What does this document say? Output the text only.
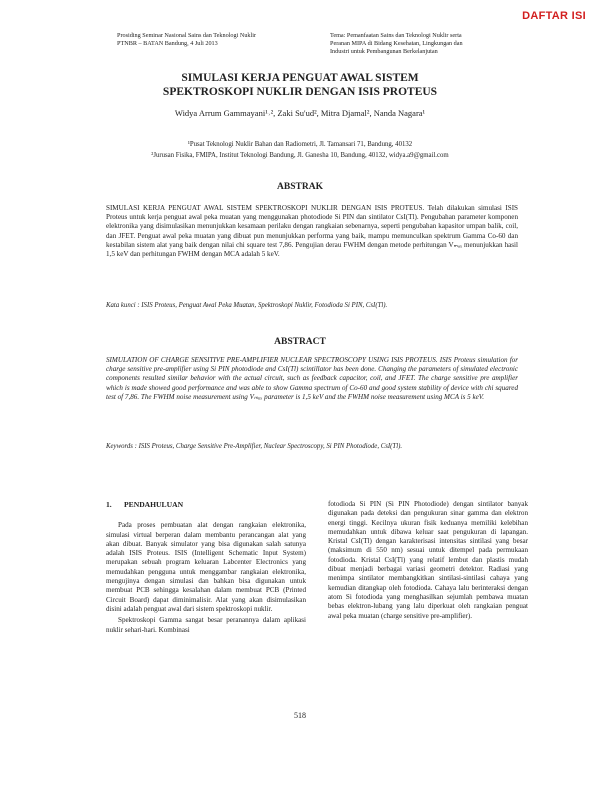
DAFTAR ISI
Prosiding Seminar Nasional Sains dan Teknologi Nuklir
PTNBR – BATAN Bandung, 4 Juli 2013
Tema: Pemanfaatan Sains dan Teknologi Nuklir serta
Peranan MIPA di Bidang Kesehatan, Lingkungan dan
Industri untuk Pembangunan Berkelanjutan
SIMULASI KERJA PENGUAT AWAL SISTEM
SPEKTROSKOPI NUKLIR DENGAN ISIS PROTEUS
Widya Arrum Gammayani¹˒², Zaki Su'ud², Mitra Djamal², Nanda Nagara¹
¹Pusat Teknologi Nuklir Bahan dan Radiometri, Jl. Tamansari 71, Bandung, 40132
²Jurusan Fisika, FMIPA, Institut Teknologi Bandung, Jl. Ganesha 10, Bandung, 40132, widya.a9@gmail.com
ABSTRAK
SIMULASI KERJA PENGUAT AWAL SISTEM SPEKTROSKOPI NUKLIR DENGAN ISIS PROTEUS. Telah dilakukan simulasi ISIS Proteus untuk kerja penguat awal peka muatan yang menggunakan photodiode Si PIN dan sintilator CsI(Tl). Pengubahan parameter komponen elektronika yang disimulasikan menunjukkan kesamaan perilaku dengan rangkaian sebenarnya, seperti pengubahan kapasitor umpan balik, coil, dan JFET. Penguat awal peka muatan yang dibuat pun menunjukkan performa yang baik, mampu memunculkan spektrum Gamma Co-60 dan kestabilan sistem alat yang baik dengan nilai chi square test 7,86. Pengujian derau FWHM dengan metode perhitungan Vₘₐₓ menunjukkan hasil 1,5 keV dan perhitungan FWHM dengan MCA adalah 5 keV.
Kata kunci : ISIS Proteus, Penguat Awal Peka Muatan, Spektroskopi Nuklir, Fotodioda Si PIN, CsI(Tl).
ABSTRACT
SIMULATION OF CHARGE SENSITIVE PRE-AMPLIFIER NUCLEAR SPECTROSCOPY USING ISIS PROTEUS. ISIS Proteus simulation for charge sensitive pre-amplifier using Si PIN photodiode and CsI(Tl) scintillator has been done. Changing the parameters of simulated electronic components resulted similar behavior with the actual circuit, such as feedback capacitor, coil, and JFET. The charge sensitive pre amplifier which is made showed good performance and was able to show Gamma spectrum of Co-60 and good system stability of device with chi squared test of 7,86. The FWHM noise measurement using Vₘₐₓ parameter is 1,5 keV and the FWHM noise measurement using MCA is 5 keV.
Keywords : ISIS Proteus, Charge Sensitive Pre-Amplifier, Nuclear Spectroscopy, Si PIN Photodiode, CsI(Tl).
1. PENDAHULUAN

Pada proses pembuatan alat dengan rangkaian elektronika, simulasi virtual berperan dalam membantu perancangan alat yang akan dibuat. Banyak simulator yang bisa digunakan salah satunya adalah ISIS Proteus. ISIS (Intelligent Schematic Input System) merupakan sebuah program keluaran Labcenter Electronics yang memudahkan pengguna untuk menggambar rangkaian elektronika, mengujinya dengan simulasi dan bahkan bisa digunakan untuk membuat PCB sehingga kesalahan dalam membuat PCB (Printed Circuit Board) dapat diminimalisir. Alat yang akan disimulasikan disini adalah penguat awal dari sistem spektroskopi nuklir.

Spektroskopi Gamma sangat besar peranannya dalam aplikasi nuklir sehari-hari. Kombinasi

fotodioda Si PIN (Si PIN Photodiode) dengan sintilator banyak digunakan pada deteksi dan pengukuran sinar gamma dan elektron energi tinggi. Kecilnya ukuran fisik keduanya memiliki kelebihan memudahkan untuk dibawa keluar saat pengukuran di lapangan. Kristal CsI(Tl) dengan karakterisasi intensitas sintilasi yang besar (maksimum di 550 nm) sesuai untuk ditempel pada permukaan fotodioda. Kristal CsI(Tl) yang relatif lembut dan plastis mudah dibuat menjadi berbagai variasi geometri detektor. Radiasi yang menimpa sintilator membangkitkan sintilasi-sintilasi cahaya yang kemudian ditangkap oleh fotodioda. Cahaya lalu berinteraksi dengan atom Si fotodioda yang menghasilkan sejumlah pembawa muatan bebas elektron-lubang yang lalu diperkuat oleh rangkaian penguat awal peka muatan (charge sensitive pre-amplifier).

518
